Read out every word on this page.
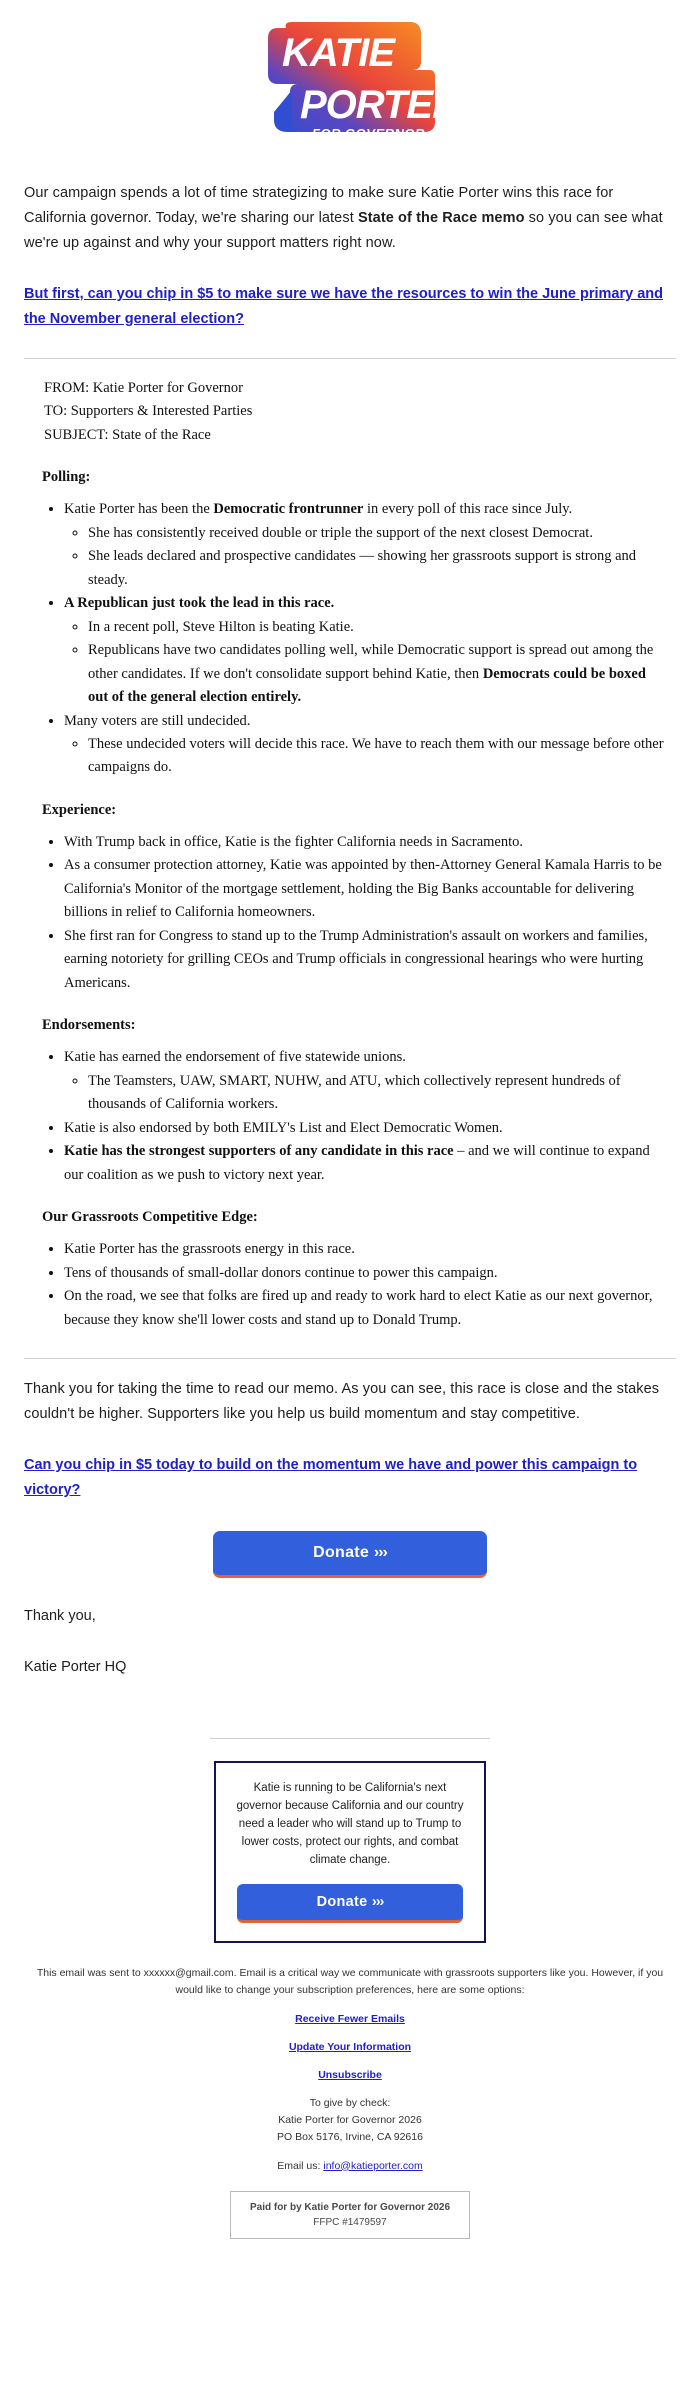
KATIE
PORTER
FOR GOVERNOR

Our campaign spends a lot of time strategizing to make sure Katie Porter wins this race for California governor. Today, we're sharing our latest State of the Race memo so you can see what we're up against and why your support matters right now.

But first, can you chip in $5 to make sure we have the resources to win the June primary and the November general election?
FROM: Katie Porter for Governor
TO: Supporters & Interested Parties
SUBJECT: State of the Race
Polling:
• Katie Porter has been the Democratic frontrunner in every poll of this race since July.
◦ She has consistently received double or triple the support of the next closest Democrat.
◦ She leads declared and prospective candidates — showing her grassroots support is strong and steady.
• A Republican just took the lead in this race.
◦ In a recent poll, Steve Hilton is beating Katie.
◦ Republicans have two candidates polling well, while Democratic support is spread out among the other candidates. If we don't consolidate support behind Katie, then Democrats could be boxed out of the general election entirely.
• Many voters are still undecided.
◦ These undecided voters will decide this race. We have to reach them with our message before other campaigns do.
Experience:
• With Trump back in office, Katie is the fighter California needs in Sacramento.
• As a consumer protection attorney, Katie was appointed by then-Attorney General Kamala Harris to be California's Monitor of the mortgage settlement, holding the Big Banks accountable for delivering billions in relief to California homeowners.
• She first ran for Congress to stand up to the Trump Administration's assault on workers and families, earning notoriety for grilling CEOs and Trump officials in congressional hearings who were hurting Americans.
Endorsements:
• Katie has earned the endorsement of five statewide unions.
◦ The Teamsters, UAW, SMART, NUHW, and ATU, which collectively represent hundreds of thousands of California workers.
• Katie is also endorsed by both EMILY's List and Elect Democratic Women.
• Katie has the strongest supporters of any candidate in this race – and we will continue to expand our coalition as we push to victory next year.
Our Grassroots Competitive Edge:
• Katie Porter has the grassroots energy in this race.
• Tens of thousands of small-dollar donors continue to power this campaign.
• On the road, we see that folks are fired up and ready to work hard to elect Katie as our next governor, because they know she'll lower costs and stand up to Donald Trump.

Thank you for taking the time to read our memo. As you can see, this race is close and the stakes couldn't be higher. Supporters like you help us build momentum and stay competitive.

Can you chip in $5 today to build on the momentum we have and power this campaign to victory?
Donate ›››

Thank you,

Katie Porter HQ

Katie is running to be California's next governor because California and our country need a leader who will stand up to Trump to lower costs, protect our rights, and combat climate change.

Donate ›››

This email was sent to xxxxxx@gmail.com. Email is a critical way we communicate with grassroots supporters like you. However, if you would like to change your subscription preferences, here are some options:

Receive Fewer Emails
Update Your Information
Unsubscribe

To give by check:

Katie Porter for Governor 2026

PO Box 5176, Irvine, CA 92616

Email us: info@katieporter.com

Paid for by Katie Porter for Governor 2026
FFPC #1479597
